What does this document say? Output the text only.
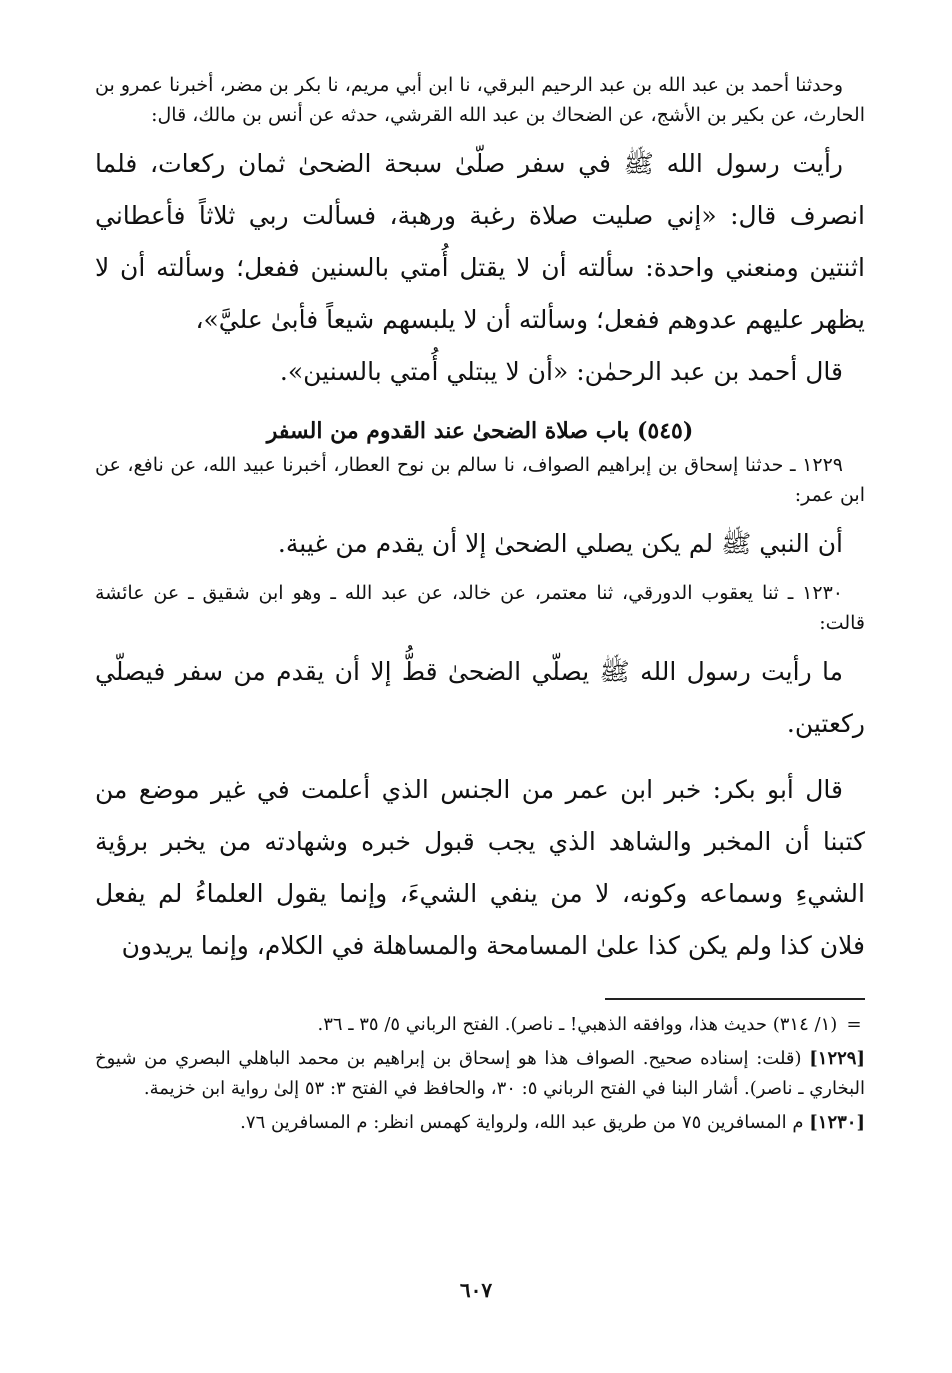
وحدثنا أحمد بن عبد الله بن عبد الرحيم البرقي، نا ابن أبي مريم، نا بكر بن مضر، أخبرنا عمرو بن الحارث، عن بكير بن الأشج، عن الضحاك بن عبد الله القرشي، حدثه عن أنس بن مالك، قال:

رأيت رسول الله ﷺ في سفر صلّىٰ سبحة الضحىٰ ثمان ركعات، فلما انصرف قال: «إني صليت صلاة رغبة ورهبة، فسألت ربي ثلاثاً فأعطاني اثنتين ومنعني واحدة: سألته أن لا يقتل أُمتي بالسنين ففعل؛ وسألته أن لا يظهر عليهم عدوهم ففعل؛ وسألته أن لا يلبسهم شيعاً فأبىٰ عليَّ»،

قال أحمد بن عبد الرحمٰن: «أن لا يبتلي أُمتي بالسنين».

(٥٤٥) باب صلاة الضحىٰ عند القدوم من السفر

١٢٢٩ ـ حدثنا إسحاق بن إبراهيم الصواف، نا سالم بن نوح العطار، أخبرنا عبيد الله، عن نافع، عن ابن عمر:

أن النبي ﷺ لم يكن يصلي الضحىٰ إلا أن يقدم من غيبة.

١٢٣٠ ـ ثنا يعقوب الدورقي، ثنا معتمر، عن خالد، عن عبد الله ـ وهو ابن شقيق ـ عن عائشة قالت:

ما رأيت رسول الله ﷺ يصلّي الضحىٰ قطُّ إلا أن يقدم من سفر فيصلّي ركعتين.

قال أبو بكر: خبر ابن عمر من الجنس الذي أعلمت في غير موضع من كتبنا أن المخبر والشاهد الذي يجب قبول خبره وشهادته من يخبر برؤية الشيءِ وسماعه وكونه، لا من ينفي الشيءَ، وإنما يقول العلماءُ لم يفعل فلان كذا ولم يكن كذا علىٰ المسامحة والمساهلة في الكلام، وإنما يريدون

= (١/ ٣١٤) حديث هذا، ووافقه الذهبي! ـ ناصر). الفتح الرباني ٥/ ٣٥ ـ ٣٦.

[١٢٢٩] (قلت: إسناده صحيح. الصواف هذا هو إسحاق بن إبراهيم بن محمد الباهلي البصري من شيوخ البخاري ـ ناصر). أشار البنا في الفتح الرباني ٥: ٣٠، والحافظ في الفتح ٣: ٥٣ إلىٰ رواية ابن خزيمة.

[١٢٣٠] م المسافرين ٧٥ من طريق عبد الله، ولرواية كهمس انظر: م المسافرين ٧٦.

٦٠٧
